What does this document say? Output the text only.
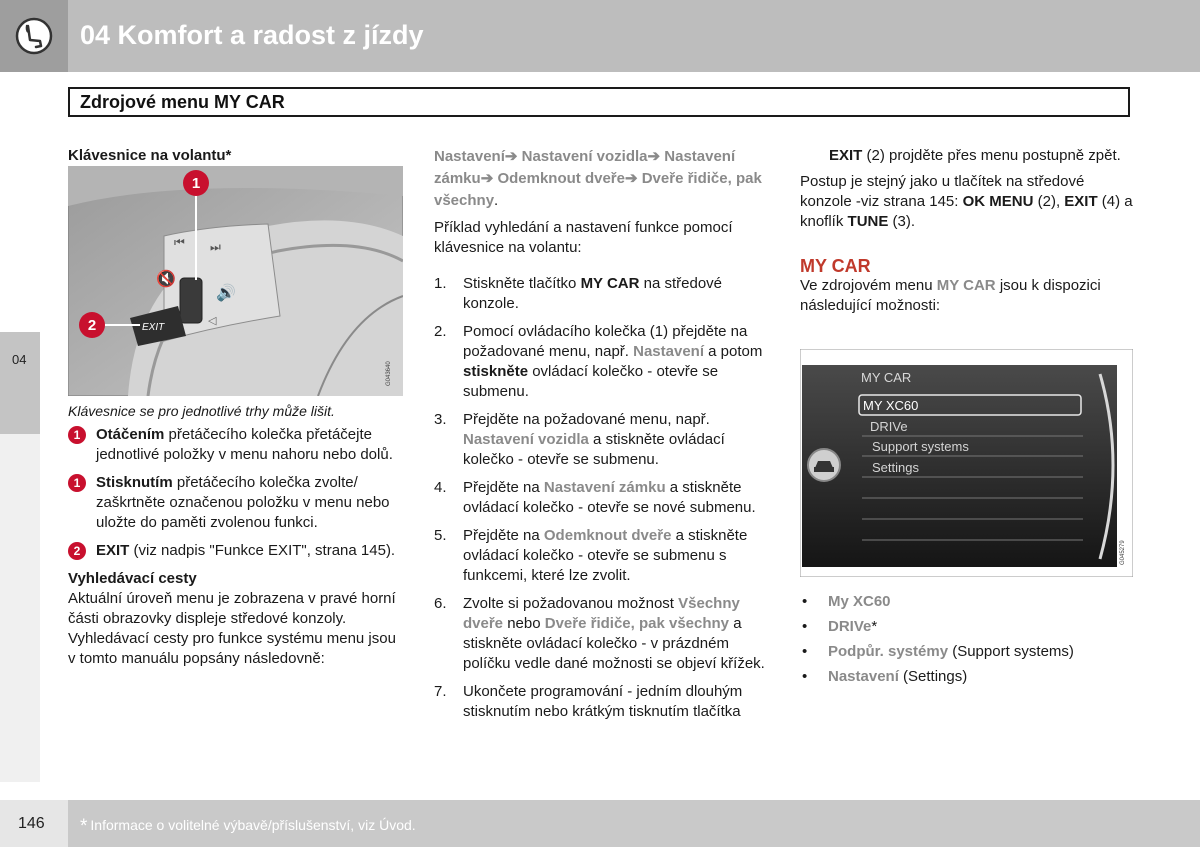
04 Komfort a radost z jízdy
Zdrojové menu MY CAR
04
Klávesnice na volantu*
⏮ ⏭
🔇
🔊
◁
1
2	EXIT
G043640
Klávesnice se pro jednotlivé trhy může lišit.
1	Otáčením přetáčecího kolečka přetáčejte jednotlivé položky v menu nahoru nebo dolů.
1	Stisknutím přetáčecího kolečka zvolte/ zaškrtněte označenou položku v menu nebo uložte do paměti zvolenou funkci.
2	EXIT (viz nadpis "Funkce EXIT", strana 145).
Vyhledávací cesty
Aktuální úroveň menu je zobrazena v pravé horní části obrazovky displeje středové konzoly. Vyhledávací cesty pro funkce systému menu jsou v tomto manuálu popsány následovně:
Nastavení➔ Nastavení vozidla➔ Nastavení zámku➔ Odemknout dveře➔ Dveře řidiče, pak všechny.
Příklad vyhledání a nastavení funkce pomocí klávesnice na volantu:
1. Stiskněte tlačítko MY CAR na středové konzole.
2. Pomocí ovládacího kolečka (1) přejděte na požadované menu, např. Nastavení a potom stiskněte ovládací kolečko - otevře se submenu.
3. Přejděte na požadované menu, např. Nastavení vozidla a stiskněte ovládací kolečko - otevře se submenu.
4. Přejděte na Nastavení zámku a stiskněte ovládací kolečko - otevře se nové submenu.
5. Přejděte na Odemknout dveře a stiskněte ovládací kolečko - otevře se submenu s funkcemi, které lze zvolit.
6. Zvolte si požadovanou možnost Všechny dveře nebo Dveře řidiče, pak všechny a stiskněte ovládací kolečko - v prázdném políčku vedle dané možnosti se objeví křížek.
7. Ukončete programování - jedním dlouhým stisknutím nebo krátkým tisknutím tlačítka
EXIT (2) projděte přes menu postupně zpět.
Postup je stejný jako u tlačítek na středové konzole -viz strana 145: OK MENU (2), EXIT (4) a knoflík TUNE (3).
MY CAR
Ve zdrojovém menu MY CAR jsou k dispozici následující možnosti:
MY CAR
MY XC60
DRIVe
Support systems
Settings
G045279
• My XC60
• DRIVe*
• Podpůr. systémy (Support systems)
• Nastavení (Settings)
146 * Informace o volitelné výbavě/příslušenství, viz Úvod.
